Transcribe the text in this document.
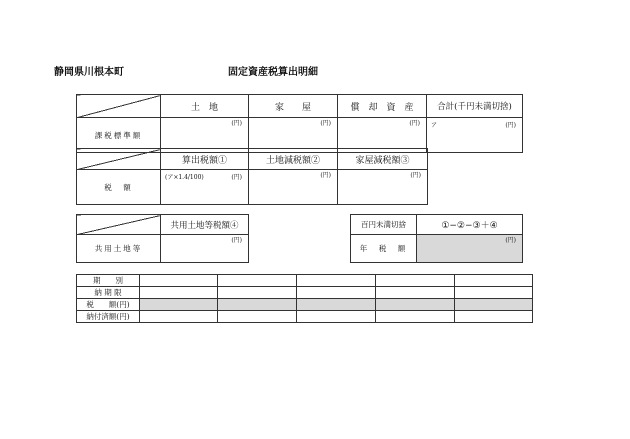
静岡県川根本町	固定資産税算出明細
	土　地	家　　屋	償　却　資　産	合計(千円未満切捨)
課税標準額	(円)	(円)	(円)	ア (円)
	算出税額①	土地減税額②	家屋減税額③
税　額	(ア×1.4/100) (円)	(円)	(円)
	共用土地等税額④
共用土地等	(円)
百円未満切捨	①−②−③＋④
年　税　額	(円)
期　　別					
納 期 限					
税　　額(円)					
納付済額(円)					
